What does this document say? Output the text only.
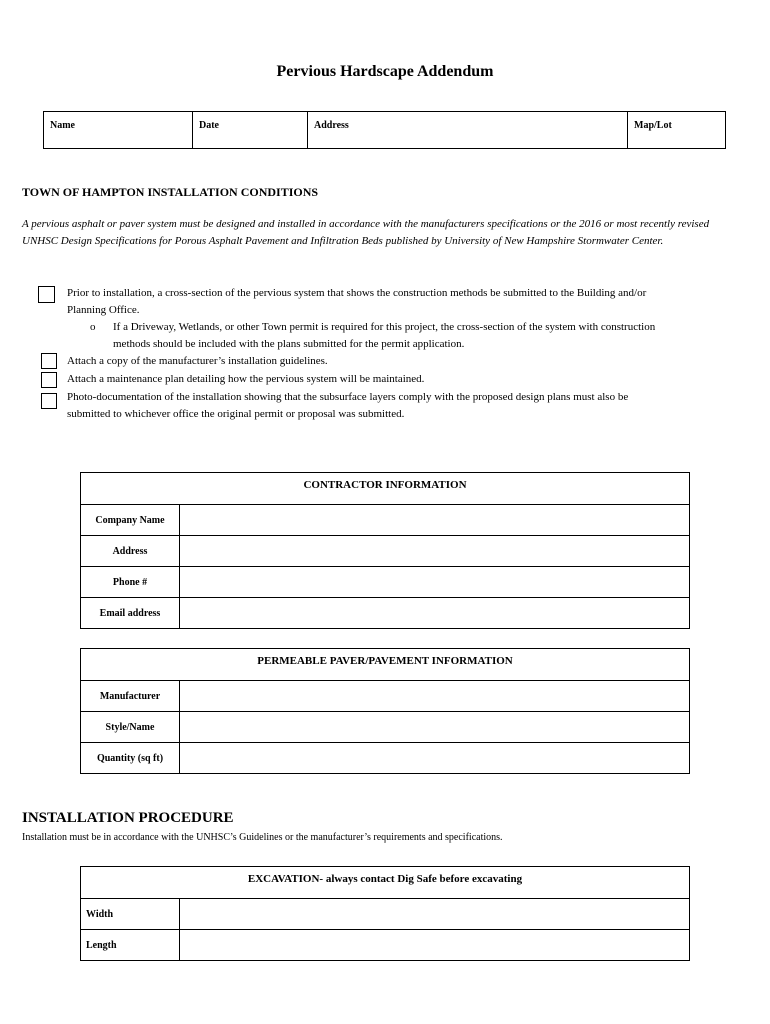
Pervious Hardscape Addendum
Name	Date	Address	Map/Lot
TOWN OF HAMPTON INSTALLATION CONDITIONS
A pervious asphalt or paver system must be designed and installed in accordance with the manufacturers specifications or the 2016 or most recently revised UNHSC Design Specifications for Porous Asphalt Pavement and Infiltration Beds published by University of New Hampshire Stormwater Center.
Prior to installation, a cross-section of the pervious system that shows the construction methods be submitted to the Building and/or
Planning Office.
o If a Driveway, Wetlands, or other Town permit is required for this project, the cross-section of the system with construction
methods should be included with the plans submitted for the permit application.
Attach a copy of the manufacturer’s installation guidelines.
Attach a maintenance plan detailing how the pervious system will be maintained.
Photo-documentation of the installation showing that the subsurface layers comply with the proposed design plans must also be
submitted to whichever office the original permit or proposal was submitted.
CONTRACTOR INFORMATION
Company Name
Address
Phone #
Email address
PERMEABLE PAVER/PAVEMENT INFORMATION
Manufacturer
Style/Name
Quantity (sq ft)
INSTALLATION PROCEDURE
Installation must be in accordance with the UNHSC’s Guidelines or the manufacturer’s requirements and specifications.
EXCAVATION- always contact Dig Safe before excavating
Width
Length
